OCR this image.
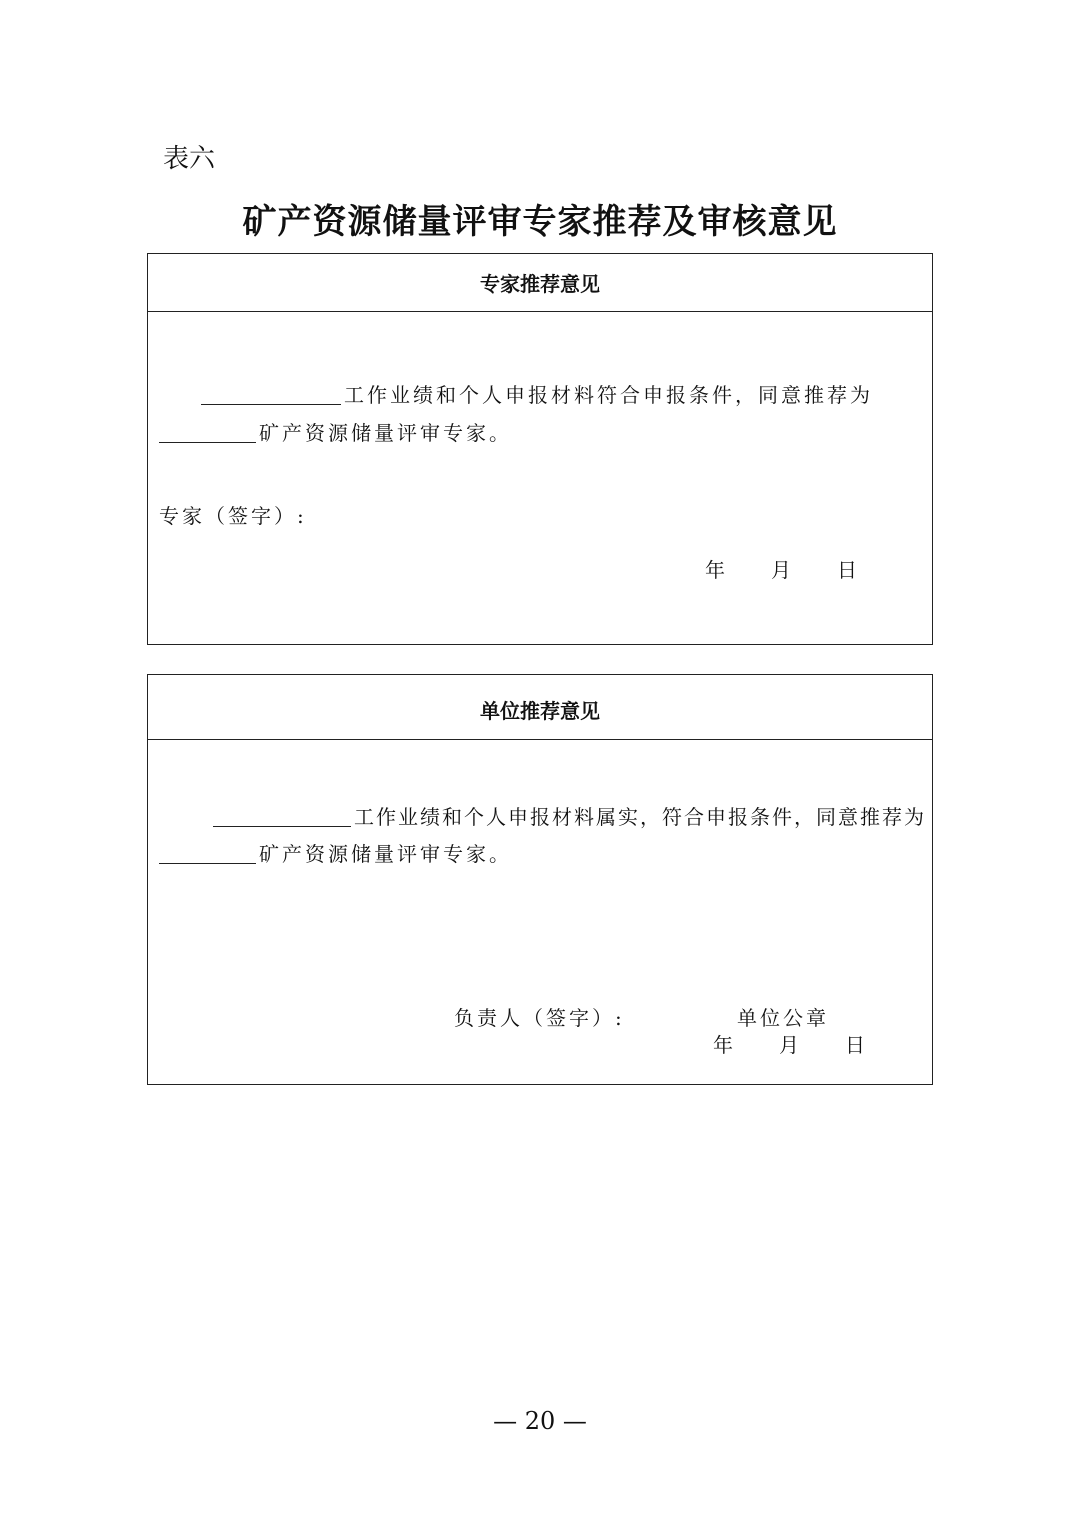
表六
矿产资源储量评审专家推荐及审核意见
专家推荐意见
工作业绩和个人申报材料符合申报条件，同意推荐为
矿产资源储量评审专家。
专家（签字）:
年 月 日
单位推荐意见
工作业绩和个人申报材料属实，符合申报条件，同意推荐为
矿产资源储量评审专家。
负责人（签字）:	单位公章
年 月 日
— 20 —
